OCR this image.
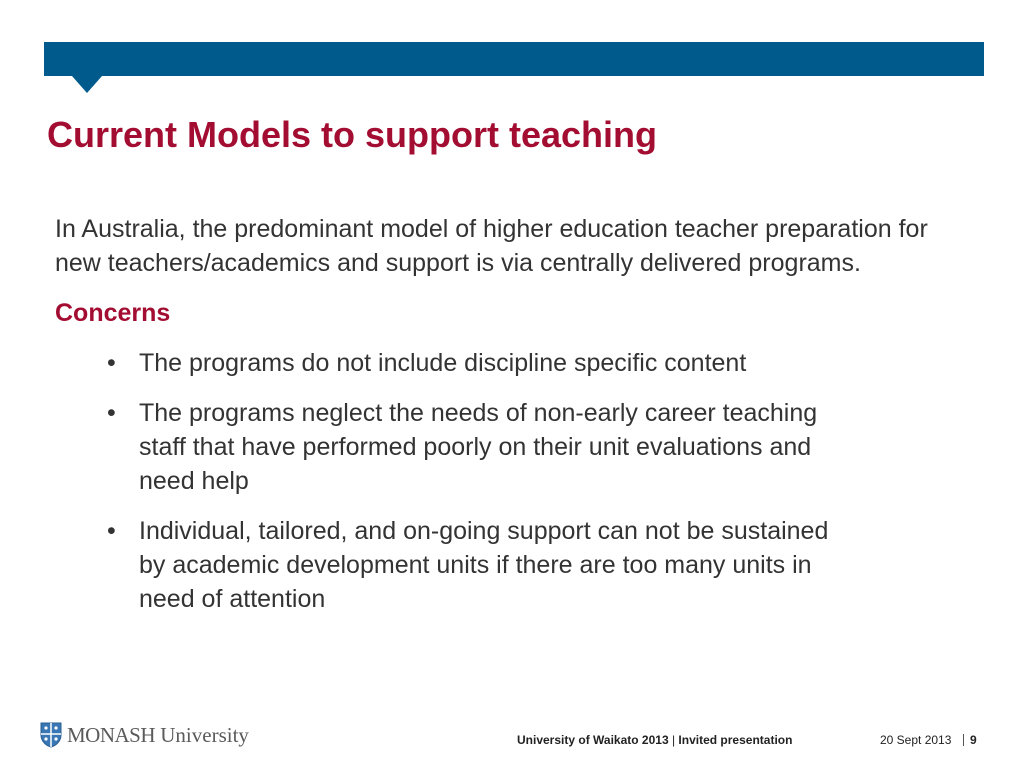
Current Models to support teaching

In Australia, the predominant model of higher education teacher preparation for new teachers/academics and support is via centrally delivered programs.

Concerns

• The programs do not include discipline specific content
• The programs neglect the needs of non-early career teaching staff that have performed poorly on their unit evaluations and need help
• Individual, tailored, and on-going support can not be sustained by academic development units if there are too many units in need of attention
MONASH University	University of Waikato 2013 | Invited presentation	20 Sept 2013 9
